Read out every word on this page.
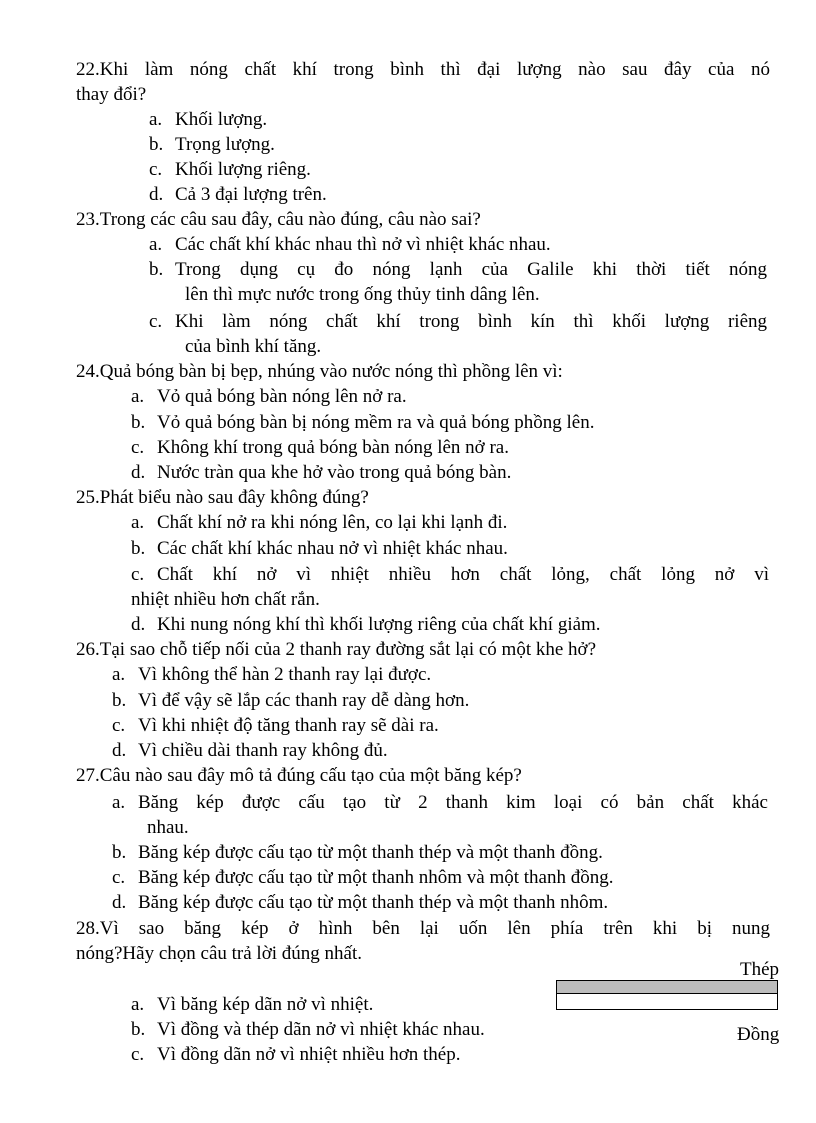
22.Khi làm nóng chất khí trong bình thì đại lượng nào sau đây của nó
thay đổi?
a. Khối lượng.
b. Trọng lượng.
c. Khối lượng riêng.
d. Cả 3 đại lượng trên.
23.Trong các câu sau đây, câu nào đúng, câu nào sai?
a. Các chất khí khác nhau thì nở vì nhiệt khác nhau.
b. Trong dụng cụ đo nóng lạnh của Galile khi thời tiết nóng
lên thì mực nước trong ống thủy tinh dâng lên.
c. Khi làm nóng chất khí trong bình kín thì khối lượng riêng
của bình khí tăng.
24.Quả bóng bàn bị bẹp, nhúng vào nước nóng thì phồng lên vì:
a. Vỏ quả bóng bàn nóng lên nở ra.
b. Vỏ quả bóng bàn bị nóng mềm ra và quả bóng phồng lên.
c. Không khí trong quả bóng bàn nóng lên nở ra.
d. Nước tràn qua khe hở vào trong quả bóng bàn.
25.Phát biểu nào sau đây không đúng?
a. Chất khí nở ra khi nóng lên, co lại khi lạnh đi.
b. Các chất khí khác nhau nở vì nhiệt khác nhau.
c. Chất khí nở vì nhiệt nhiều hơn chất lỏng, chất lỏng nở vì
nhiệt nhiều hơn chất rắn.
d. Khi nung nóng khí thì khối lượng riêng của chất khí giảm.
26.Tại sao chỗ tiếp nối của 2 thanh ray đường sắt lại có một khe hở?
a. Vì không thể hàn 2 thanh ray lại được.
b. Vì để vậy sẽ lắp các thanh ray dễ dàng hơn.
c. Vì khi nhiệt độ tăng thanh ray sẽ dài ra.
d. Vì chiều dài thanh ray không đủ.
27.Câu nào sau đây mô tả đúng cấu tạo của một băng kép?
a. Băng kép được cấu tạo từ 2 thanh kim loại có bản chất khác
nhau.
b. Băng kép được cấu tạo từ một thanh thép và một thanh đồng.
c. Băng kép được cấu tạo từ một thanh nhôm và một thanh đồng.
d. Băng kép được cấu tạo từ một thanh thép và một thanh nhôm.
28.Vì sao băng kép ở hình bên lại uốn lên phía trên khi bị nung
nóng?Hãy chọn câu trả lời đúng nhất.
a. Vì băng kép dãn nở vì nhiệt.
b. Vì đồng và thép dãn nở vì nhiệt khác nhau.
c. Vì đồng dãn nở vì nhiệt nhiều hơn thép.
Thép
Đồng
